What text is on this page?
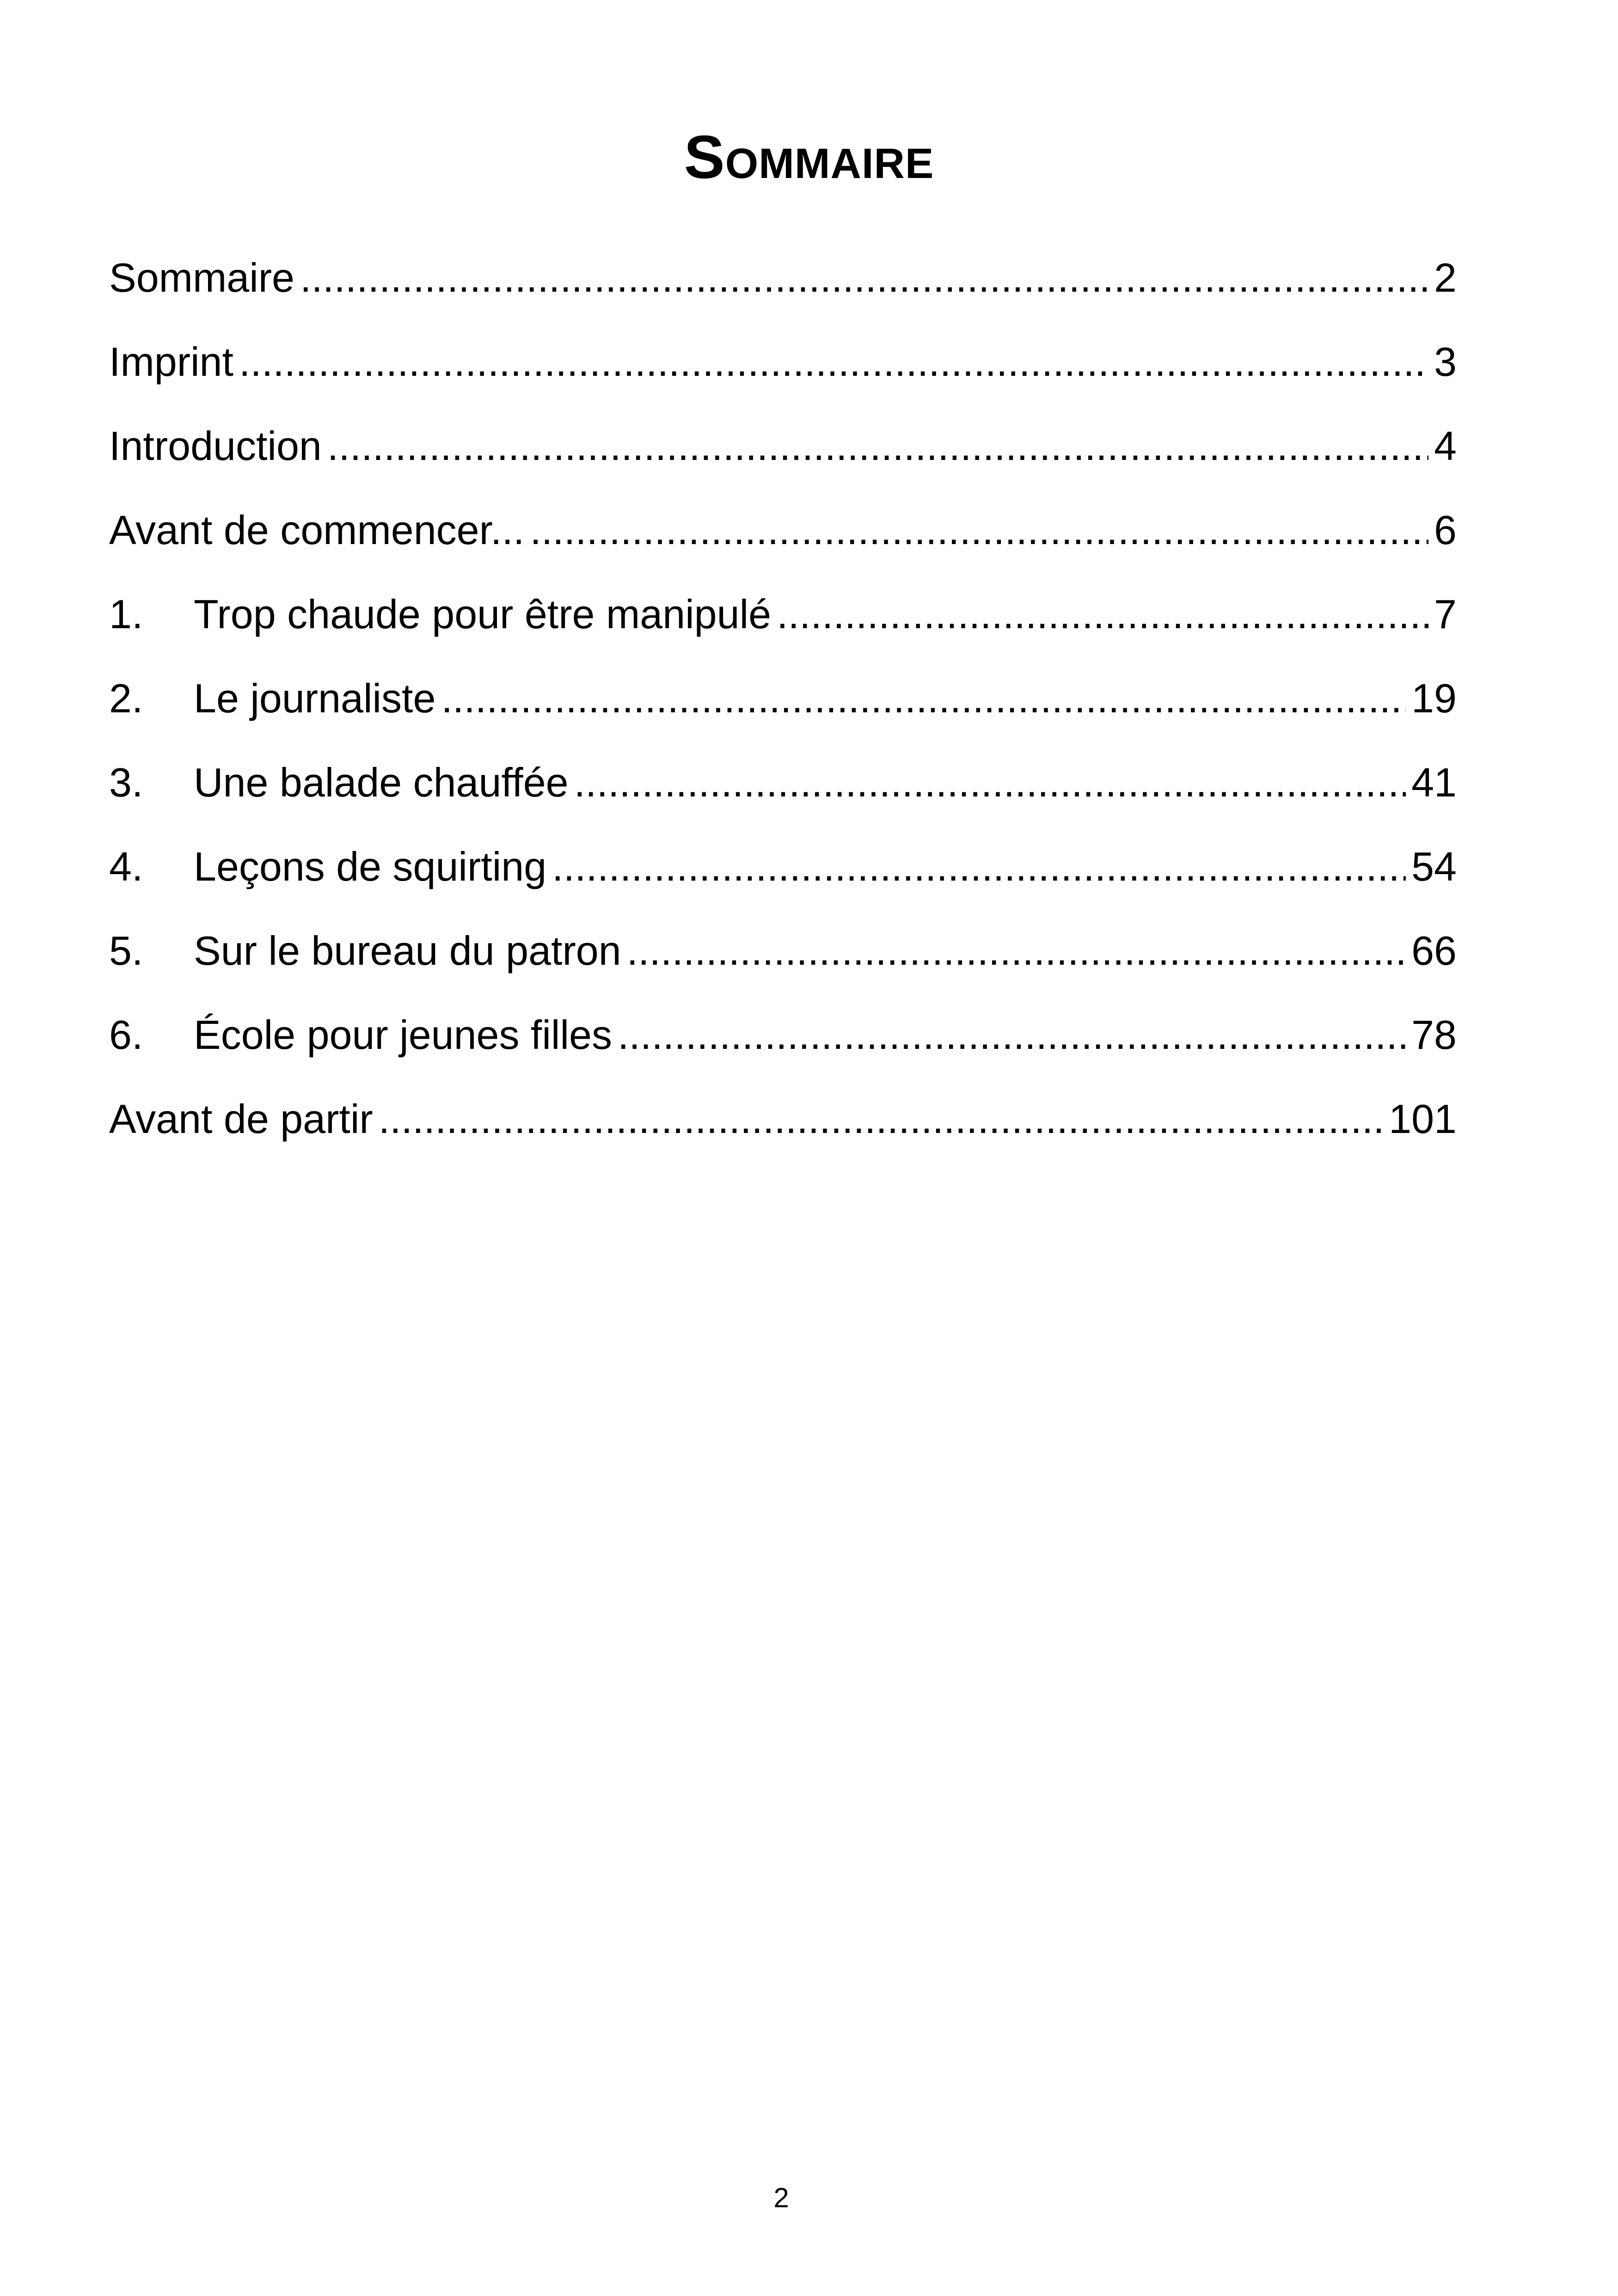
Sommaire
Sommaire .....	2
Imprint .....	3
Introduction .....	4
Avant de commencer... .....	6
1.	Trop chaude pour être manipulé .....	7
2.	Le journaliste .....	19
3.	Une balade chauffée .....	41
4.	Leçons de squirting .....	54
5.	Sur le bureau du patron .....	66
6.	École pour jeunes filles .....	78
Avant de partir .....	101
2
